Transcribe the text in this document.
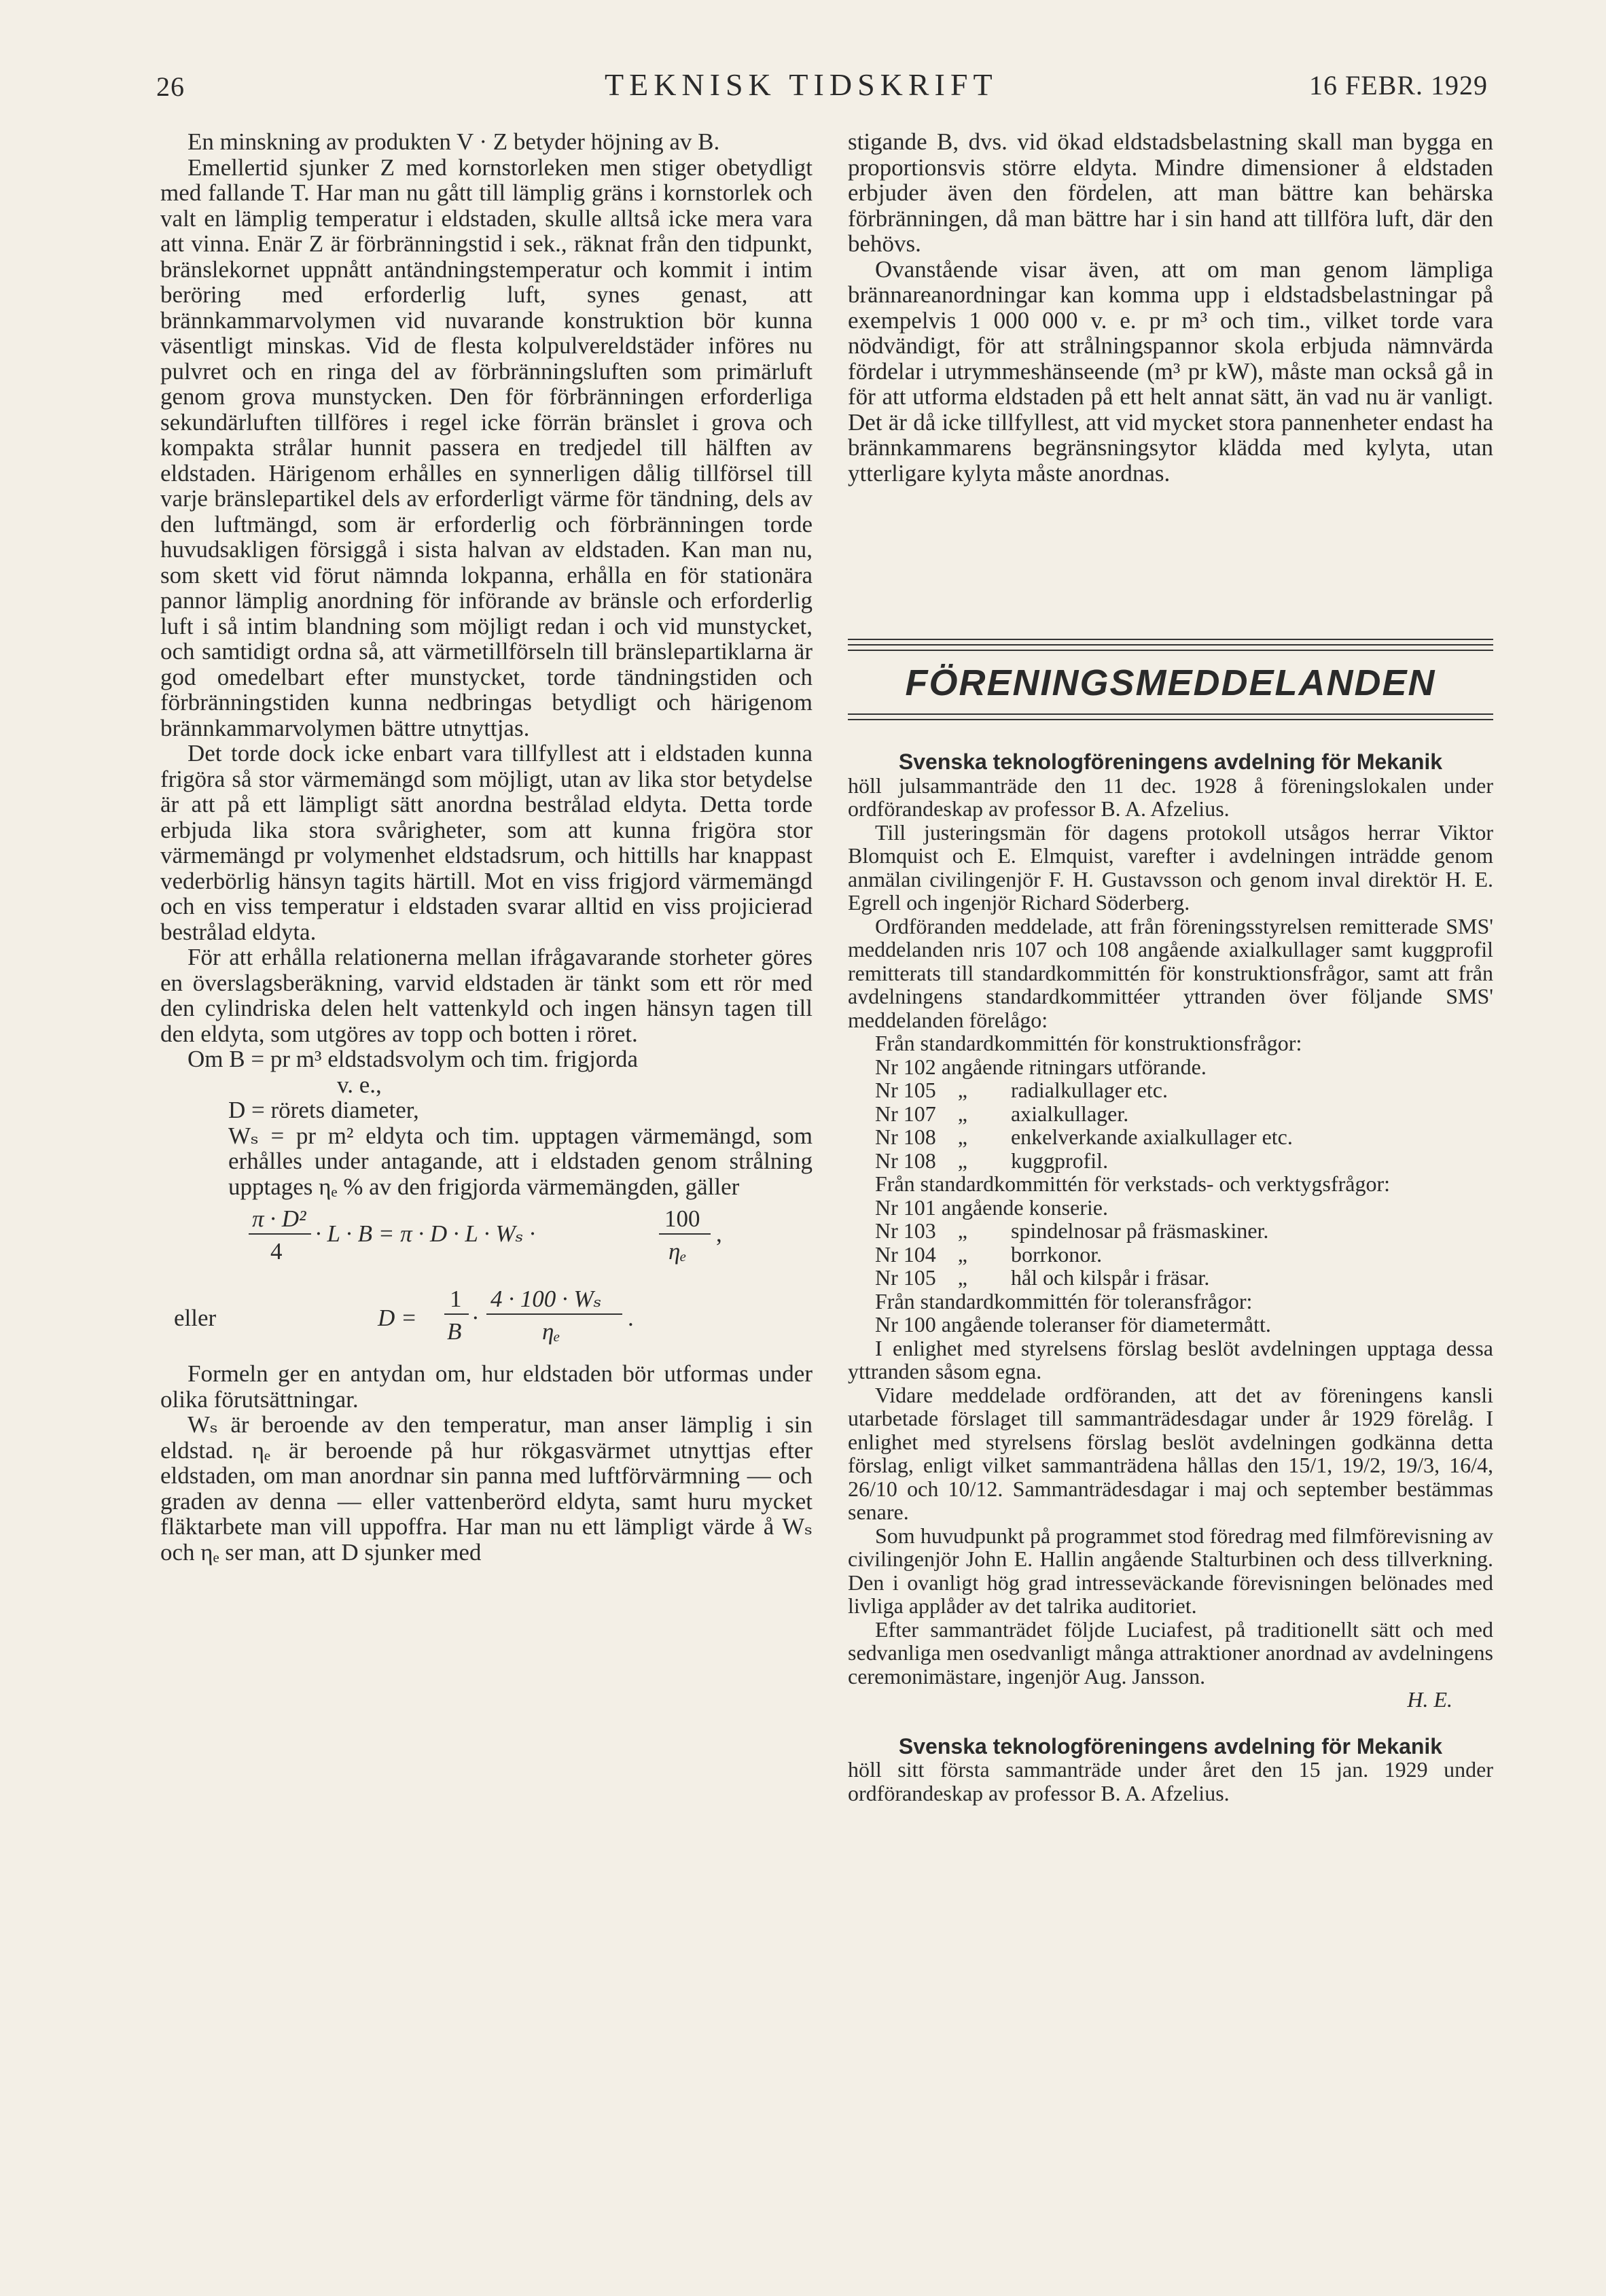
26	TEKNISK TIDSKRIFT	16 FEBR. 1929

En minskning av produkten V · Z betyder höjning av B.

Emellertid sjunker Z med kornstorleken men stiger obetydligt med fallande T. Har man nu gått till lämplig gräns i kornstorlek och valt en lämplig temperatur i eldstaden, skulle alltså icke mera vara att vinna. Enär Z är förbränningstid i sek., räknat från den tidpunkt, bränslekornet uppnått antändningstemperatur och kommit i intim beröring med erforderlig luft, synes genast, att brännkammarvolymen vid nuvarande konstruktion bör kunna väsentligt minskas. Vid de flesta kolpulvereldstäder införes nu pulvret och en ringa del av förbränningsluften som primärluft genom grova munstycken. Den för förbränningen erforderliga sekundärluften tillföres i regel icke förrän bränslet i grova och kompakta strålar hunnit passera en tredjedel till hälften av eldstaden. Härigenom erhålles en synnerligen dålig tillförsel till varje bränslepartikel dels av erforderligt värme för tändning, dels av den luftmängd, som är erforderlig och förbränningen torde huvudsakligen försiggå i sista halvan av eldstaden. Kan man nu, som skett vid förut nämnda lokpanna, erhålla en för stationära pannor lämplig anordning för införande av bränsle och erforderlig luft i så intim blandning som möjligt redan i och vid munstycket, och samtidigt ordna så, att värmetillförseln till bränslepartiklarna är god omedelbart efter munstycket, torde tändningstiden och förbränningstiden kunna nedbringas betydligt och härigenom brännkammarvolymen bättre utnyttjas.

Det torde dock icke enbart vara tillfyllest att i eldstaden kunna frigöra så stor värmemängd som möjligt, utan av lika stor betydelse är att på ett lämpligt sätt anordna bestrålad eldyta. Detta torde erbjuda lika stora svårigheter, som att kunna frigöra stor värmemängd pr volymenhet eldstadsrum, och hittills har knappast vederbörlig hänsyn tagits härtill. Mot en viss frigjord värmemängd och en viss temperatur i eldstaden svarar alltid en viss projicierad bestrålad eldyta.

För att erhålla relationerna mellan ifrågavarande storheter göres en överslagsberäkning, varvid eldstaden är tänkt som ett rör med den cylindriska delen helt vattenkyld och ingen hänsyn tagen till den eldyta, som utgöres av topp och botten i röret.

Om B = pr m³ eldstadsvolym och tim. frigjorda
v. e.,
D = rörets diameter,
Wₛ = pr m² eldyta och tim. upptagen värmemängd, som erhålles under antagande, att i eldstaden genom strålning upptages ηₑ % av den frigjorda värmemängden, gäller
π · D²
4
· L · B = π · D · L · Wₛ ·
100
ηₑ
,
eller	D =
1
B
·
4 · 100 · Wₛ
ηₑ
.

Formeln ger en antydan om, hur eldstaden bör utformas under olika förutsättningar.

Wₛ är beroende av den temperatur, man anser lämplig i sin eldstad. ηₑ är beroende på hur rökgasvärmet utnyttjas efter eldstaden, om man anordnar sin panna med luftförvärmning — och graden av denna — eller vattenberörd eldyta, samt huru mycket fläktarbete man vill uppoffra. Har man nu ett lämpligt värde å Wₛ och ηₑ ser man, att D sjunker med

stigande B, dvs. vid ökad eldstadsbelastning skall man bygga en proportionsvis större eldyta. Mindre dimensioner å eldstaden erbjuder även den fördelen, att man bättre kan behärska förbränningen, då man bättre har i sin hand att tillföra luft, där den behövs.

Ovanstående visar även, att om man genom lämpliga brännareanordningar kan komma upp i eldstadsbelastningar på exempelvis 1 000 000 v. e. pr m³ och tim., vilket torde vara nödvändigt, för att strålningspannor skola erbjuda nämnvärda fördelar i utrymmeshänseende (m³ pr kW), måste man också gå in för att utforma eldstaden på ett helt annat sätt, än vad nu är vanligt. Det är då icke tillfyllest, att vid mycket stora pannenheter endast ha brännkammarens begränsningsytor klädda med kylyta, utan ytterligare kylyta måste anordnas.

FÖRENINGSMEDDELANDEN
Svenska teknologföreningens avdelning för Mekanik

höll julsammanträde den 11 dec. 1928 å föreningslokalen under ordförandeskap av professor B. A. Afzelius.

Till justeringsmän för dagens protokoll utsågos herrar Viktor Blomquist och E. Elmquist, varefter i avdelningen inträdde genom anmälan civilingenjör F. H. Gustavsson och genom inval direktör H. E. Egrell och ingenjör Richard Söderberg.

Ordföranden meddelade, att från föreningsstyrelsen remitterade SMS' meddelanden nris 107 och 108 angående axialkullager samt kuggprofil remitterats till standardkommittén för konstruktionsfrågor, samt att från avdelningens standardkommittéer yttranden över följande SMS' meddelanden förelågo:

Från standardkommittén för konstruktionsfrågor:
Nr 102 angående ritningars utförande.
Nr 105    „        radialkullager etc.
Nr 107    „        axialkullager.
Nr 108    „        enkelverkande axialkullager etc.
Nr 108    „        kuggprofil.
Från standardkommittén för verkstads- och verktygsfrågor:
Nr 101 angående konserie.
Nr 103    „        spindelnosar på fräsmaskiner.
Nr 104    „        borrkonor.
Nr 105    „        hål och kilspår i fräsar.
Från standardkommittén för toleransfrågor:
Nr 100 angående toleranser för diametermått.

I enlighet med styrelsens förslag beslöt avdelningen upptaga dessa yttranden såsom egna.

Vidare meddelade ordföranden, att det av föreningens kansli utarbetade förslaget till sammanträdesdagar under år 1929 förelåg. I enlighet med styrelsens förslag beslöt avdelningen godkänna detta förslag, enligt vilket sammanträdena hållas den 15/1, 19/2, 19/3, 16/4, 26/10 och 10/12. Sammanträdesdagar i maj och september bestämmas senare.

Som huvudpunkt på programmet stod föredrag med filmförevisning av civilingenjör John E. Hallin angående Stalturbinen och dess tillverkning. Den i ovanligt hög grad intresseväckande förevisningen belönades med livliga applåder av det talrika auditoriet.

Efter sammanträdet följde Luciafest, på traditionellt sätt och med sedvanliga men osedvanligt många attraktioner anordnad av avdelningens ceremonimästare, ingenjör Aug. Jansson.

H. E.
Svenska teknologföreningens avdelning för Mekanik

höll sitt första sammanträde under året den 15 jan. 1929 under ordförandeskap av professor B. A. Afzelius.
